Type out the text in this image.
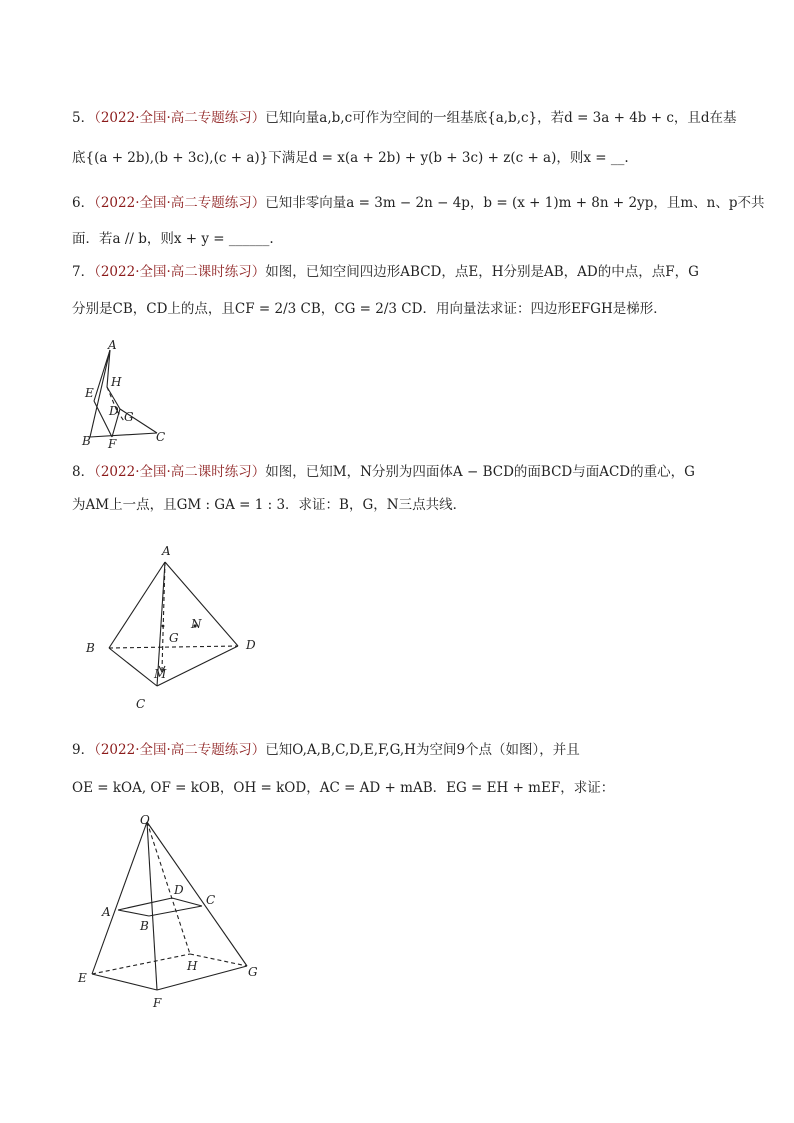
5．（2022·全国·高二专题练习）已知向量a,b,c可作为空间的一组基底{a,b,c}，若d = 3a + 4b + c，且d在基
底{(a + 2b),(b + 3c),(c + a)}下满足d = x(a + 2b) + y(b + 3c) + z(c + a)，则x = __.
6．（2022·全国·高二专题练习）已知非零向量a = 3m − 2n − 4p，b = (x + 1)m + 8n + 2yp，且m、n、p不共
面．若a // b，则x + y = ______.
7．（2022·全国·高二课时练习）如图，已知空间四边形ABCD，点E，H分别是AB，AD的中点，点F，G
分别是CB，CD上的点，且CF = 2/3 CB，CG = 2/3 CD．用向量法求证：四边形EFGH是梯形．
A
E
H
D G
B F	C
8．（2022·全国·高二课时练习）如图，已知M，N分别为四面体A − BCD的面BCD与面ACD的重心，G
为AM上一点，且GM : GA = 1 : 3．求证：B，G，N三点共线．
A
N
G
B	D
M
C
9．（2022·全国·高二专题练习）已知O,A,B,C,D,E,F,G,H为空间9个点（如图），并且
OE = kOA, OF = kOB，OH = kOD，AC = AD + mAB．EG = EH + mEF，求证：
O
D
C
A
B
E
H	G
F
